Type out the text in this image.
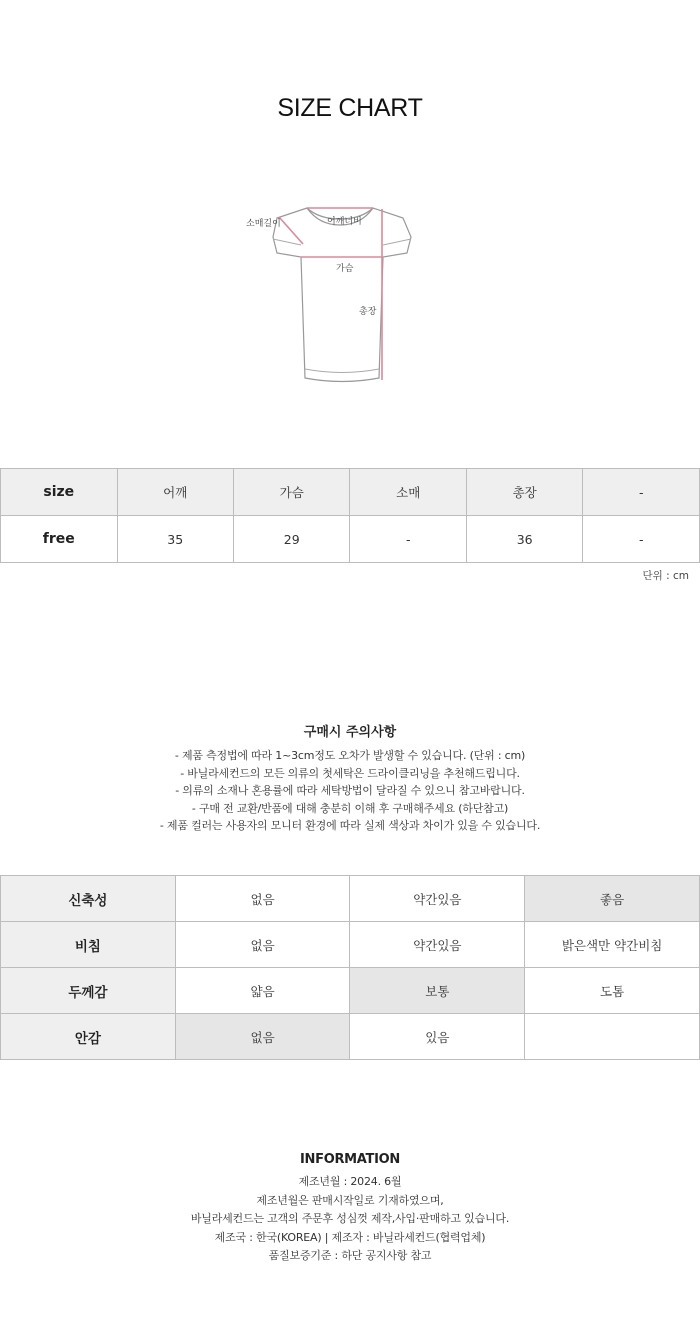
SIZE CHART
소매길이	어깨너비
가슴
총장
size	어깨	가슴	소매	총장	-
free	35	29	-	36	-
단위 : cm
구매시 주의사항
- 제품 측정법에 따라 1~3cm정도 오차가 발생할 수 있습니다. (단위 : cm)
- 바닐라세컨드의 모든 의류의 첫세탁은 드라이클리닝을 추천해드립니다.
- 의류의 소재나 혼용률에 따라 세탁방법이 달라질 수 있으니 참고바랍니다.
- 구매 전 교환/반품에 대해 충분히 이해 후 구매해주세요 (하단참고)
- 제품 컬러는 사용자의 모니터 환경에 따라 실제 색상과 차이가 있을 수 있습니다.
신축성	없음	약간있음	좋음
비침	없음	약간있음	밝은색만 약간비침
두께감	얇음	보통	도톰
안감	없음	있음	
INFORMATION
제조년월 : 2024. 6월
제조년월은 판매시작일로 기재하였으며,
바닐라세컨드는 고객의 주문후 성심껏 제작,사입·판매하고 있습니다.
제조국 : 한국(KOREA) | 제조자 : 바닐라세컨드(협력업체)
품질보증기준 : 하단 공지사항 참고
